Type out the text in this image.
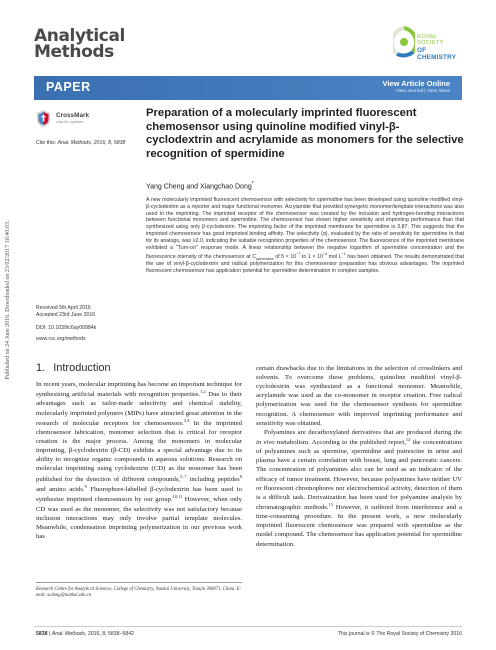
Analytical
Methods
ROYAL SOCIETY
OF CHEMISTRY
Published on 24 June 2016. Downloaded on 23/02/2017 16:40:03.
PAPER	View Article Online
View Journal | View Issue
CrossMark
click for updates
Cite this: Anal. Methods, 2016, 8, 5838
Preparation of a molecularly imprinted fluorescent chemosensor using quinoline modified vinyl-β-cyclodextrin and acrylamide as monomers for the selective recognition of spermidine
Yang Cheng and Xiangchao Dong*
A new molecularly imprinted fluorescent chemosensor with selectivity for spermidine has been developed using quinoline modified vinyl-β-cyclodextrin as a reporter and major functional monomer. Acrylamide that provided synergetic monomer/template interactions was also used in the imprinting. The imprinted receptor of the chemosensor was created by the inclusion and hydrogen-bonding interactions between functional monomers and spermidine. The chemosensor has shown higher sensitivity and imprinting performance than that synthesized using only β-cyclodextrin. The imprinting factor of the imprinted membrane for spermidine is 3.87. This suggests that the imprinted chemosensor has good imprinted binding affinity. The selectivity (α), evaluated by the ratio of sensitivity for spermidine to that for its analogs, was ≥2.0, indicating the suitable recognition properties of the chemosensor. The fluorescence of the imprinted membrane exhibited a "Turn-on" response mode. A linear relationship between the negative logarithm of spermidine concentration and the fluorescence intensity of the chemosensor at $C_{spermidine}$ of $5 \times 10^{-7}$ to $1 \times 10^{-4}$ mol $L^{-1}$ has been obtained. The results demonstrated that the use of vinyl-β-cyclodextrin and radical polymerization for this chemosensor preparation has obvious advantages. The imprinted fluorescent chemosensor has application potential for spermidine determination in complex samples.
Received 5th April 2016
Accepted 23rd June 2016
DOI: 10.1039/c6ay00984k
www.rsc.org/methods
1. Introduction
In recent years, molecular imprinting has become an important technique for synthesizing artificial materials with recognition properties.$^{1,2}$ Due to their advantages such as tailor-made selectivity and chemical stability, molecularly imprinted polymers (MIPs) have attracted great attention in the research of molecular receptors for chemosensors.$^{3,4}$ In the imprinted chemosensor fabrication, monomer selection that is critical for receptor creation is the major process. Among the monomers in molecular imprinting, β-cyclodextrin (β-CD) exhibits a special advantage due to its ability to recognize organic compounds in aqueous solutions. Research on molecular imprinting using cyclodextrin (CD) as the monomer has been published for the detection of different compounds,$^{5-7}$ including peptides$^8$ and amino acids.$^9$ Fluorophore-labelled β-cyclodextrin has been used to synthesize imprinted chemosensors by our group.$^{10,11}$ However, when only CD was used as the monomer, the selectivity was not satisfactory because inclusion interactions may only involve partial template molecules. Meanwhile, condensation imprinting polymerization in our previous work has

certain drawbacks due to the limitations in the selection of crosslinkers and solvents. To overcome these problems, quinoline modified vinyl-β-cyclodextrin was synthesized as a functional monomer. Meanwhile, acrylamide was used as the co-monomer in receptor creation. Free radical polymerization was used for the chemosensor synthesis for spermidine recognition. A chemosensor with improved imprinting performance and sensitivity was obtained.

Polyamines are decarboxylated derivatives that are produced during the in vivo metabolism. According to the published report,$^{12}$ the concentrations of polyamines such as spermine, spermidine and putrescine in urine and plasma have a certain correlation with breast, lung and pancreatic cancers. The concentration of polyamines also can be used as an indicator of the efficacy of tumor treatment. However, because polyamines have neither UV or fluorescent chromophores nor electrochemical activity, detection of them is a difficult task. Derivatization has been used for polyamine analysis by chromatographic methods.$^{13}$ However, it suffered from interference and a time-consuming procedure. In the present work, a new molecularly imprinted fluorescent chemosensor was prepared with spermidine as the model compound. The chemosensor has application potential for spermidine determination.

Research Centre for Analytical Sciences, College of Chemistry, Nankai University, Tianjin 300071, China. E-mail: xcdong@nankai.edu.cn
5838 | Anal. Methods, 2016, 8, 5838–5842	This journal is © The Royal Society of Chemistry 2016
